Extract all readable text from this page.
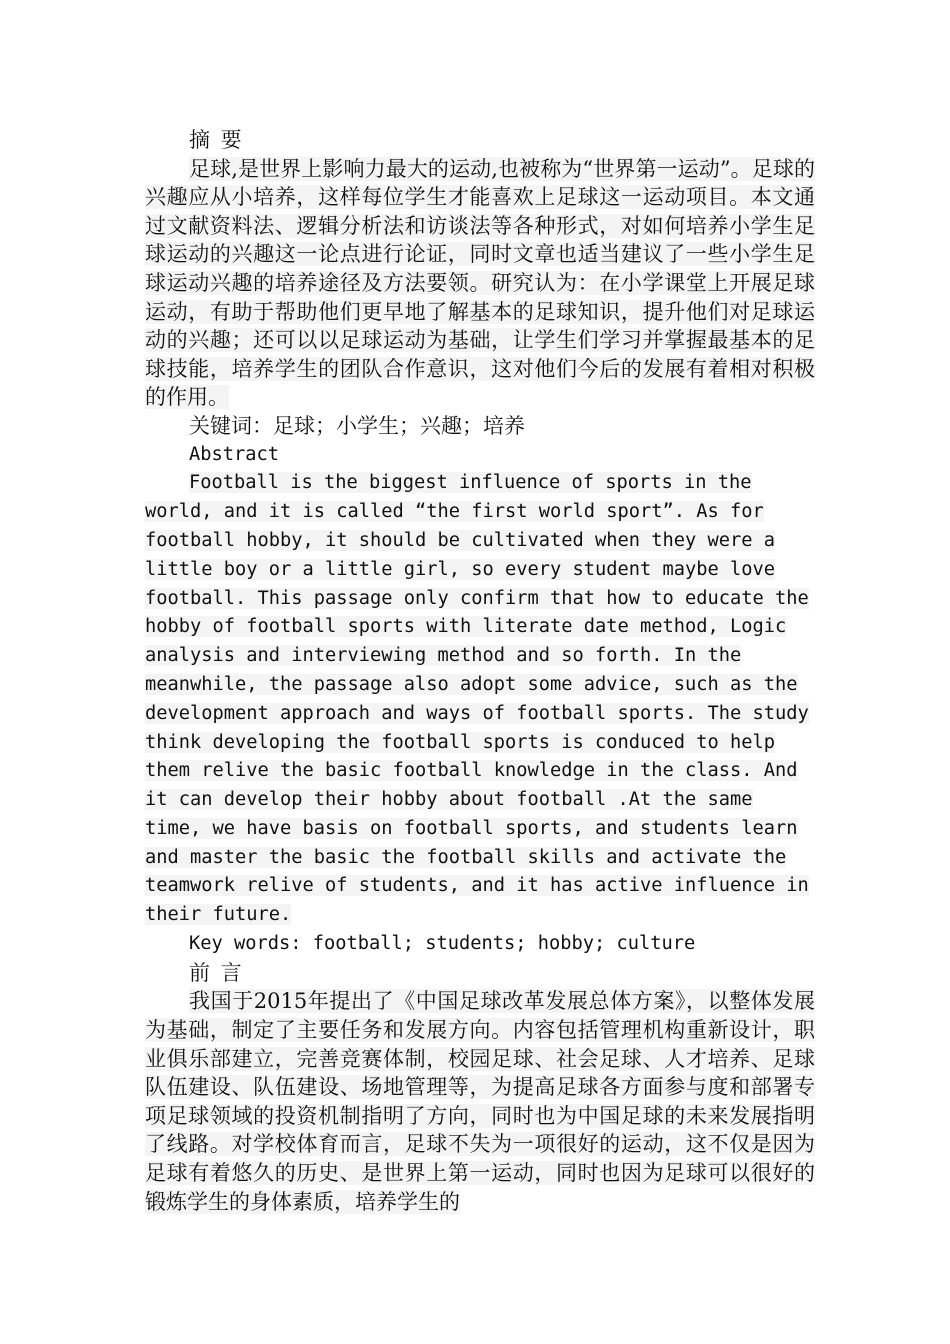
摘 要

足球,是世界上影响力最大的运动,也被称为“世界第一运动”。足球的兴趣应从小培养，这样每位学生才能喜欢上足球这一运动项目。本文通过文献资料法、逻辑分析法和访谈法等各种形式，对如何培养小学生足球运动的兴趣这一论点进行论证，同时文章也适当建议了一些小学生足球运动兴趣的培养途径及方法要领。研究认为：在小学课堂上开展足球运动，有助于帮助他们更早地了解基本的足球知识，提升他们对足球运动的兴趣；还可以以足球运动为基础，让学生们学习并掌握最基本的足球技能，培养学生的团队合作意识，这对他们今后的发展有着相对积极的作用。

关键词：足球；小学生；兴趣；培养

Abstract

Football is the biggest influence of sports in the world, and it is called “the first world sport”. As for football hobby, it should be cultivated when they were a little boy or a little girl, so every student maybe love football. This passage only confirm that how to educate the hobby of football sports with literate date method, Logic analysis and interviewing method and so forth. In the meanwhile, the passage also adopt some advice, such as the development approach and ways of football sports. The study think developing the football sports is conduced to help them relive the basic football knowledge in the class. And it can develop their hobby about football .At the same time, we have basis on football sports, and students learn and master the basic the football skills and activate the teamwork relive of students, and it has active influence in their future.

Key words: football; students; hobby; culture

前 言

我国于2015年提出了《中国足球改革发展总体方案》，以整体发展为基础，制定了主要任务和发展方向。内容包括管理机构重新设计，职业俱乐部建立，完善竞赛体制，校园足球、社会足球、人才培养、足球队伍建设、队伍建设、场地管理等，为提高足球各方面参与度和部署专项足球领域的投资机制指明了方向，同时也为中国足球的未来发展指明了线路。对学校体育而言，足球不失为一项很好的运动，这不仅是因为足球有着悠久的历史、是世界上第一运动，同时也因为足球可以很好的锻炼学生的身体素质，培养学生的
